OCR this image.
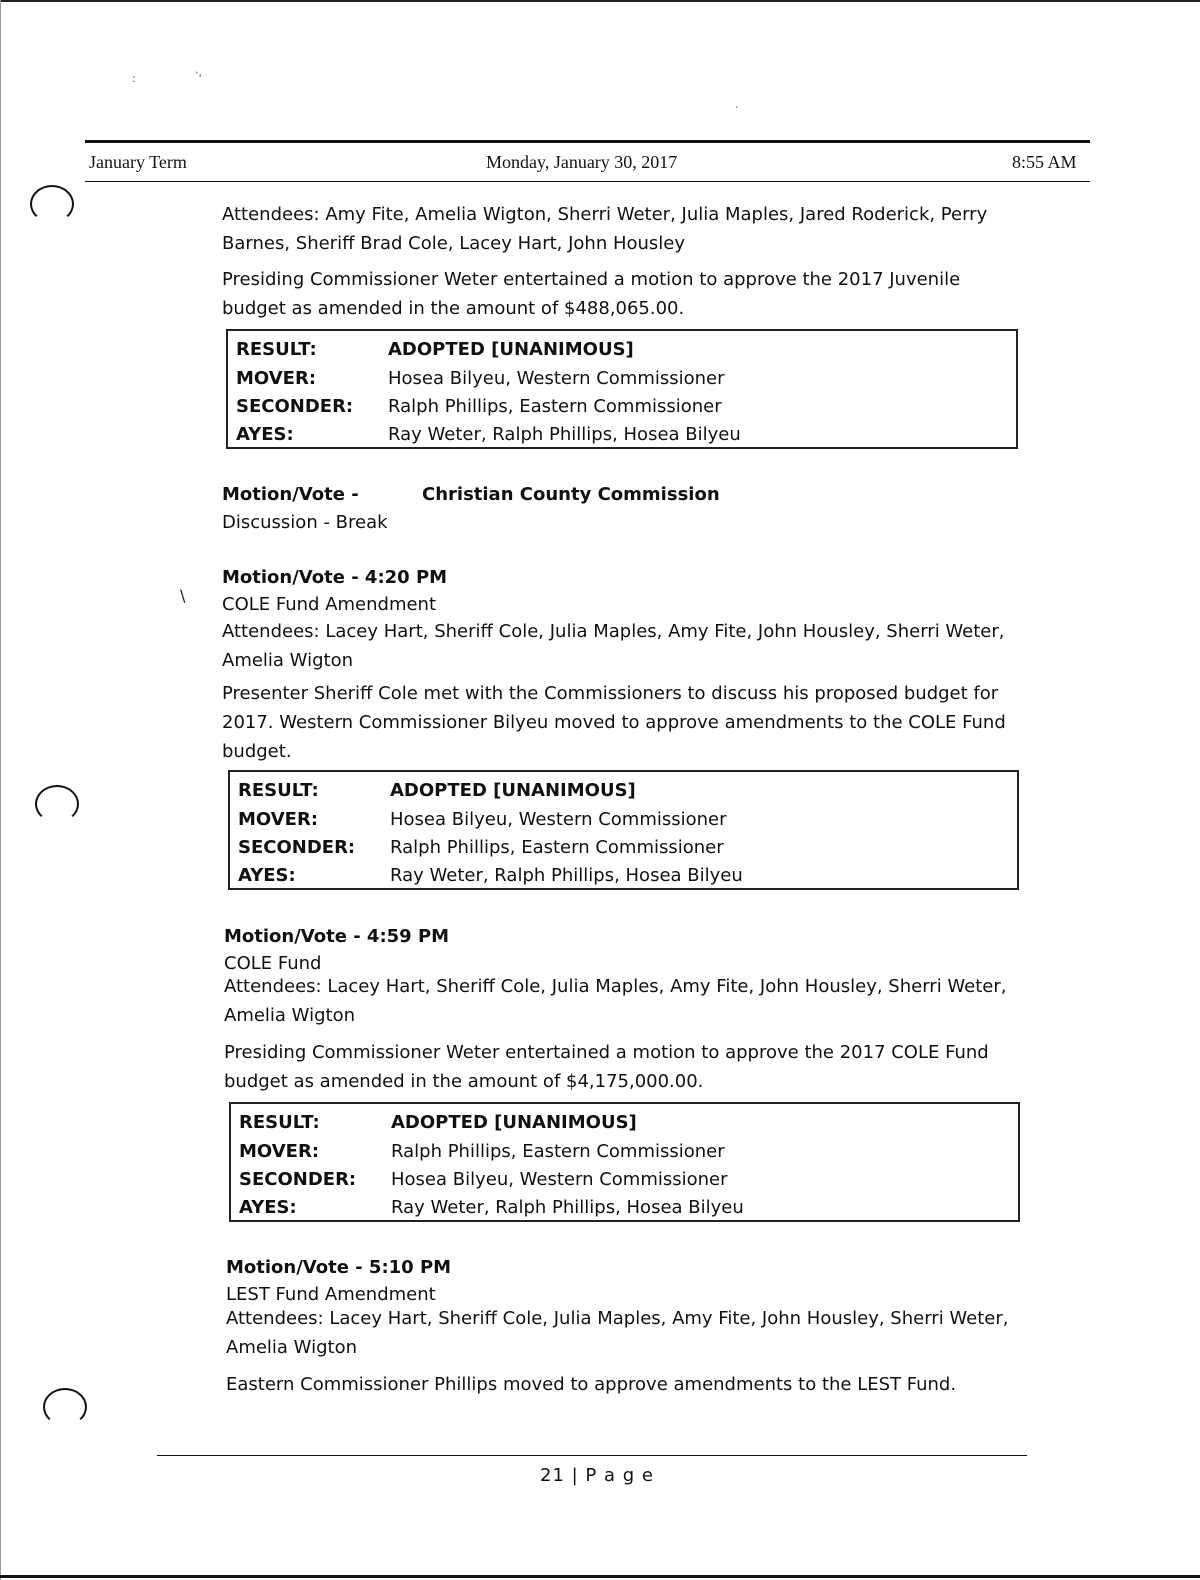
:	·,
.
\
January Term	Monday, January 30, 2017	8:55 AM
Attendees: Amy Fite, Amelia Wigton, Sherri Weter, Julia Maples, Jared Roderick, Perry
Barnes, Sheriff Brad Cole, Lacey Hart, John Housley
Presiding Commissioner Weter entertained a motion to approve the 2017 Juvenile
budget as amended in the amount of $488,065.00.
RESULT:	ADOPTED [UNANIMOUS]
MOVER:	Hosea Bilyeu, Western Commissioner
SECONDER: Ralph Phillips, Eastern Commissioner
AYES:	Ray Weter, Ralph Phillips, Hosea Bilyeu
Motion/Vote -	Christian County Commission
Discussion - Break
Motion/Vote - 4:20 PM
COLE Fund Amendment
Attendees: Lacey Hart, Sheriff Cole, Julia Maples, Amy Fite, John Housley, Sherri Weter,
Amelia Wigton
Presenter Sheriff Cole met with the Commissioners to discuss his proposed budget for
2017. Western Commissioner Bilyeu moved to approve amendments to the COLE Fund
budget.
RESULT:	ADOPTED [UNANIMOUS]
MOVER:	Hosea Bilyeu, Western Commissioner
SECONDER: Ralph Phillips, Eastern Commissioner
AYES:	Ray Weter, Ralph Phillips, Hosea Bilyeu
Motion/Vote - 4:59 PM
COLE Fund
Attendees: Lacey Hart, Sheriff Cole, Julia Maples, Amy Fite, John Housley, Sherri Weter,
Amelia Wigton
Presiding Commissioner Weter entertained a motion to approve the 2017 COLE Fund
budget as amended in the amount of $4,175,000.00.
RESULT:	ADOPTED [UNANIMOUS]
MOVER:	Ralph Phillips, Eastern Commissioner
SECONDER: Hosea Bilyeu, Western Commissioner
AYES:	Ray Weter, Ralph Phillips, Hosea Bilyeu
Motion/Vote - 5:10 PM
LEST Fund Amendment
Attendees: Lacey Hart, Sheriff Cole, Julia Maples, Amy Fite, John Housley, Sherri Weter,
Amelia Wigton
Eastern Commissioner Phillips moved to approve amendments to the LEST Fund.
21 | P a g e
